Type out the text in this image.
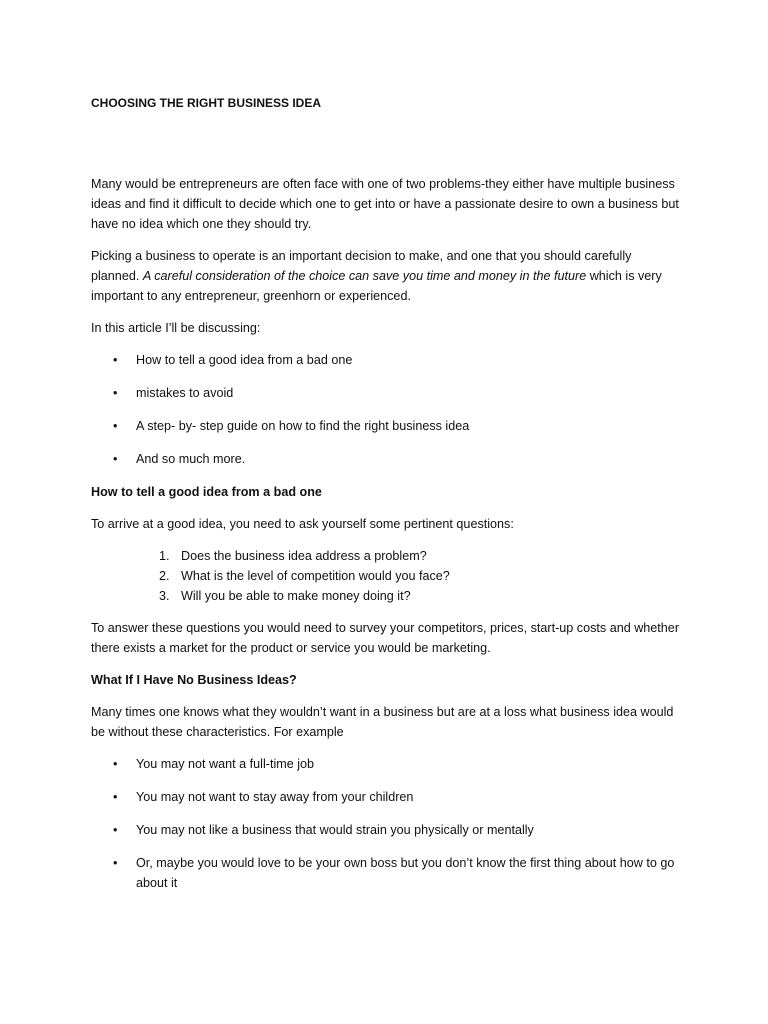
CHOOSING THE RIGHT BUSINESS IDEA

Many would be entrepreneurs are often face with one of two problems-they either have multiple business ideas and find it difficult to decide which one to get into or have a passionate desire to own a business but have no idea which one they should try.

Picking a business to operate is an important decision to make, and one that you should carefully planned. A careful consideration of the choice can save you time and money in the future which is very important to any entrepreneur, greenhorn or experienced.

In this article I’ll be discussing:

• How to tell a good idea from a bad one
• mistakes to avoid
• A step- by- step guide on how to find the right business idea
• And so much more.
How to tell a good idea from a bad one

To arrive at a good idea, you need to ask yourself some pertinent questions:

1. Does the business idea address a problem?
2. What is the level of competition would you face?
3. Will you be able to make money doing it?

To answer these questions you would need to survey your competitors, prices, start-up costs and whether there exists a market for the product or service you would be marketing.

What If I Have No Business Ideas?

Many times one knows what they wouldn’t want in a business but are at a loss what business idea would be without these characteristics. For example

• You may not want a full-time job
• You may not want to stay away from your children
• You may not like a business that would strain you physically or mentally
• Or, maybe you would love to be your own boss but you don’t know the first thing about how to go about it
